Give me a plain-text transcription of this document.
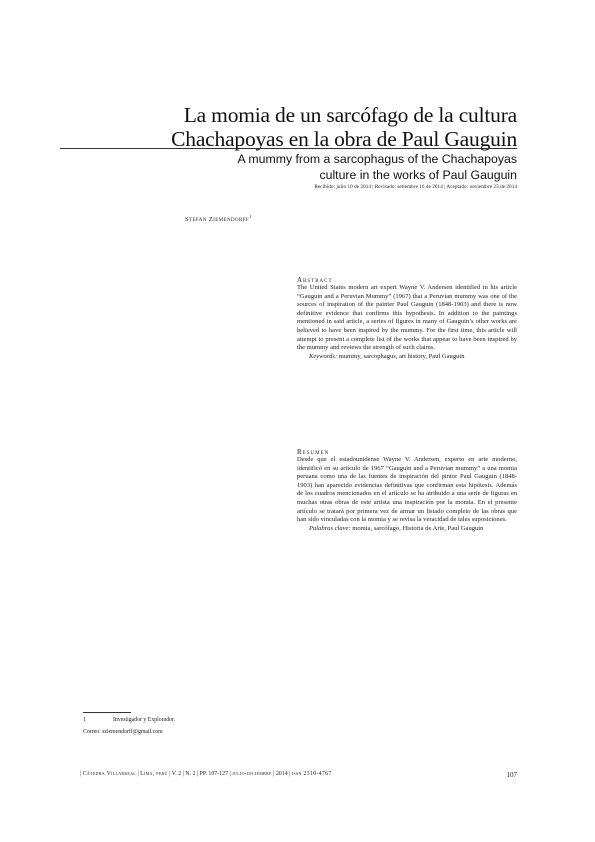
La momia de un sarcófago de la cultura
Chachapoyas en la obra de Paul Gauguin
A mummy from a sarcophagus of the Chachapoyas
culture in the works of Paul Gauguin
Recibido: julio 10 de 2014 | Revisado: setiembre 16 de 2014 | Aceptado: noviembre 25 de 2014
Stefan Ziemendorff$^1$

Abstract

The United States modern art expert Wayne V. Andersen identified in his article “Gauguin and a Peruvian Mummy” (1967) that a Peruvian mummy was one of the sources of inspiration of the painter Paul Gauguin (1848-1903) and there is now definitive evidence that confirms this hypothesis. In addition to the paintings mentioned in said article, a series of figures in many of Gauguin’s other works are believed to have been inspired by the mummy. For the first time, this article will attempt to present a complete list of the works that appear to have been inspired by the mummy and reviews the strength of such claims.

Keywords: mummy, sarcophagus, art history, Paul Gauguin

Resumen

Desde que el estadounidense Wayne V. Andersen, experto en arte moderno, identificó en su artículo de 1967 “Gauguin and a Peruvian mummy” a una momia peruana como una de las fuentes de inspiración del pintor Paul Gauguin (1848-1903) han aparecido evidencias definitivas que confirman esta hipótesis. Además de los cuadros mencionados en el artículo se ha atribuido a una serie de figuras en muchas otras obras de este artista una inspiración por la momia. En el presente artículo se tratará por primera vez de armar un listado completo de las obras que han sido vinculadas con la momia y se revisa la veracidad de tales suposiciones.

Palabras clave: momia, sarcófago, Historia de Arte, Paul Gauguin

1	Investigador y Explorador.
Correo: sziemendorff@gmail.com
| Cátedra Villarreal | Lima, perú | V. 2 | N. 2 | PP. 107-127 | julio-diciembre | 2014 | issn 2310-4767	107
